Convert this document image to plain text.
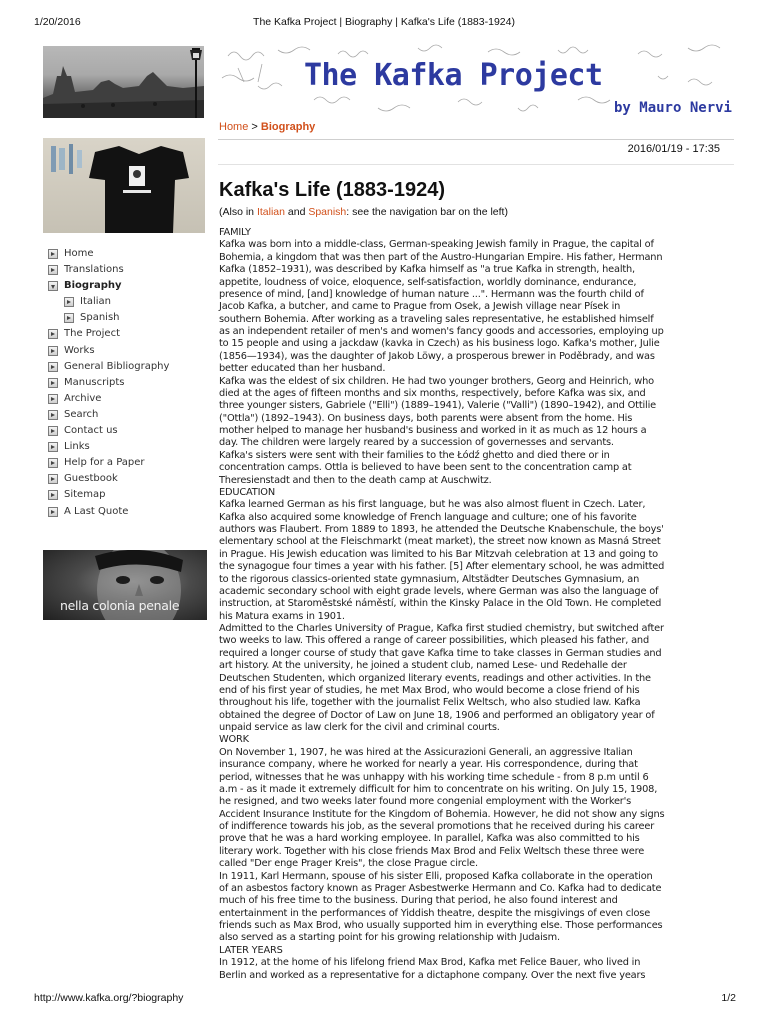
1/20/2016	The Kafka Project | Biography | Kafka's Life (1883-1924)
Home
Translations
Biography
Italian
Spanish
The Project
Works
General Bibliography
Manuscripts
Archive
Search
Contact us
Links
Help for a Paper
Guestbook
Sitemap
A Last Quote
nella colonia penale
The Kafka Project
by Mauro Nervi
Home > Biography
2016/01/19 - 17:35
Kafka's Life (1883-1924)
(Also in Italian and Spanish: see the navigation bar on the left)
FAMILY
Kafka was born into a middle-class, German-speaking Jewish family in Prague, the capital of
Bohemia, a kingdom that was then part of the Austro-Hungarian Empire. His father, Hermann
Kafka (1852–1931), was described by Kafka himself as "a true Kafka in strength, health,
appetite, loudness of voice, eloquence, self-satisfaction, worldly dominance, endurance,
presence of mind, [and] knowledge of human nature ...". Hermann was the fourth child of
Jacob Kafka, a butcher, and came to Prague from Osek, a Jewish village near Písek in
southern Bohemia. After working as a traveling sales representative, he established himself
as an independent retailer of men's and women's fancy goods and accessories, employing up
to 15 people and using a jackdaw (kavka in Czech) as his business logo. Kafka's mother, Julie
(1856—1934), was the daughter of Jakob Löwy, a prosperous brewer in Poděbrady, and was
better educated than her husband.
Kafka was the eldest of six children. He had two younger brothers, Georg and Heinrich, who
died at the ages of fifteen months and six months, respectively, before Kafka was six, and
three younger sisters, Gabriele ("Elli") (1889–1941), Valerie ("Valli") (1890–1942), and Ottilie
("Ottla") (1892–1943). On business days, both parents were absent from the home. His
mother helped to manage her husband's business and worked in it as much as 12 hours a
day. The children were largely reared by a succession of governesses and servants.
Kafka's sisters were sent with their families to the Łódź ghetto and died there or in
concentration camps. Ottla is believed to have been sent to the concentration camp at
Theresienstadt and then to the death camp at Auschwitz.
EDUCATION
Kafka learned German as his first language, but he was also almost fluent in Czech. Later,
Kafka also acquired some knowledge of French language and culture; one of his favorite
authors was Flaubert. From 1889 to 1893, he attended the Deutsche Knabenschule, the boys'
elementary school at the Fleischmarkt (meat market), the street now known as Masná Street
in Prague. His Jewish education was limited to his Bar Mitzvah celebration at 13 and going to
the synagogue four times a year with his father. [5] After elementary school, he was admitted
to the rigorous classics-oriented state gymnasium, Altstädter Deutsches Gymnasium, an
academic secondary school with eight grade levels, where German was also the language of
instruction, at Staroměstské náměstí, within the Kinsky Palace in the Old Town. He completed
his Matura exams in 1901.
Admitted to the Charles University of Prague, Kafka first studied chemistry, but switched after
two weeks to law. This offered a range of career possibilities, which pleased his father, and
required a longer course of study that gave Kafka time to take classes in German studies and
art history. At the university, he joined a student club, named Lese- und Redehalle der
Deutschen Studenten, which organized literary events, readings and other activities. In the
end of his first year of studies, he met Max Brod, who would become a close friend of his
throughout his life, together with the journalist Felix Weltsch, who also studied law. Kafka
obtained the degree of Doctor of Law on June 18, 1906 and performed an obligatory year of
unpaid service as law clerk for the civil and criminal courts.
WORK
On November 1, 1907, he was hired at the Assicurazioni Generali, an aggressive Italian
insurance company, where he worked for nearly a year. His correspondence, during that
period, witnesses that he was unhappy with his working time schedule - from 8 p.m until 6
a.m - as it made it extremely difficult for him to concentrate on his writing. On July 15, 1908,
he resigned, and two weeks later found more congenial employment with the Worker's
Accident Insurance Institute for the Kingdom of Bohemia. However, he did not show any signs
of indifference towards his job, as the several promotions that he received during his career
prove that he was a hard working employee. In parallel, Kafka was also committed to his
literary work. Together with his close friends Max Brod and Felix Weltsch these three were
called "Der enge Prager Kreis", the close Prague circle.
In 1911, Karl Hermann, spouse of his sister Elli, proposed Kafka collaborate in the operation
of an asbestos factory known as Prager Asbestwerke Hermann and Co. Kafka had to dedicate
much of his free time to the business. During that period, he also found interest and
entertainment in the performances of Yiddish theatre, despite the misgivings of even close
friends such as Max Brod, who usually supported him in everything else. Those performances
also served as a starting point for his growing relationship with Judaism.
LATER YEARS
In 1912, at the home of his lifelong friend Max Brod, Kafka met Felice Bauer, who lived in
Berlin and worked as a representative for a dictaphone company. Over the next five years
http://www.kafka.org/?biography	1/2
